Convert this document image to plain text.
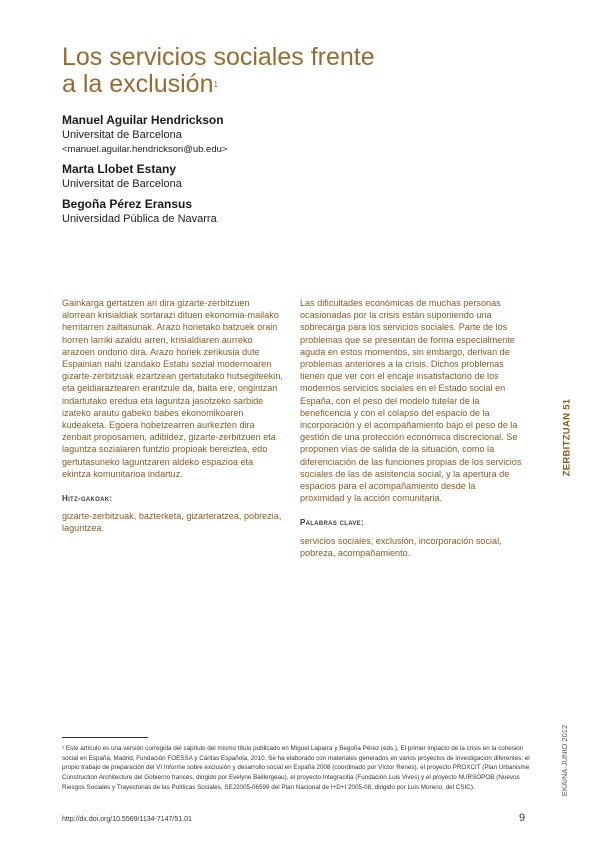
Los servicios sociales frente
a la exclusión$^1$
Manuel Aguilar Hendrickson
Universitat de Barcelona
<manuel.aguilar.hendrickson@ub.edu>
Marta Llobet Estany
Universitat de Barcelona
Begoña Pérez Eransus
Universidad Pública de Navarra

Gainkarga gertatzen ari dira gizarte-zerbitzuen alorrean krisialdiak sortarazi dituen ekonomia-mailako herritarren zailtasunak. Arazo horietako batzuek orain horren larriki azaldu arren, krisialdiaren aurreko arazoen ondorio dira. Arazo horiek zerikusia dute Espainian nahi izandako Estatu sozial modernoaren gizarte-zerbitzuak ezartzean gertatutako hutsegiteekin, eta geldiaraztearen erantzule da, baita ere, ongintzan indartutako eredua eta laguntza jasotzeko sarbide izateko arautu gabeko babes ekonomikoaren kudeaketa. Egoera hobetzearren aurkezten dira zenbait proposamen, adibidez, gizarte-zerbitzuen eta laguntza sozialaren funtzio propioak bereiztea, edo gertutasuneko laguntzaren aldeko espazioa eta ekintza komunitarioa indartuz.

Hitz-gakoak:
gizarte-zerbitzuak, bazterketa, gizarteratzea, pobrezia, laguntzea.

Las dificultades económicas de muchas personas ocasionadas por la crisis están suponiendo una sobrecarga para los servicios sociales. Parte de los problemas que se presentan de forma especialmente aguda en estos momentos, sin embargo, derivan de problemas anteriores a la crisis. Dichos problemas tienen que ver con el encaje insatisfactorio de los modernos servicios sociales en el Estado social en España, con el peso del modelo tutelar de la beneficencia y con el colapso del espacio de la incorporación y el acompañamiento bajo el peso de la gestión de una protección económica discrecional. Se proponen vías de salida de la situación, como la diferenciación de las funciones propias de los servicios sociales de las de asistencia social, y la apertura de espacios para el acompañamiento desde la proximidad y la acción comunitaria.

Palabras clave:
servicios sociales, exclusión, incorporación social, pobreza, acompañamiento.
ZERBITZUAN 51
EKAINA·JUNIO 2012
¹ Este artículo es una versión corregida del capítulo del mismo título publicado en Miguel Laparra y Begoña Pérez (eds.), El primer impacto de la crisis en la cohesión social en España, Madrid, Fundación FOESSA y Cáritas Española, 2010. Se ha elaborado con materiales generados en varios proyectos de investigación diferentes: el propio trabajo de preparación del VI Informe sobre exclusión y desarrollo social en España 2008 (coordinado por Víctor Renes), el proyecto PROXCIT (Plan Urbanisme Construction Architecture del Gobierno francés, dirigido por Evelyne Baillergeau), el proyecto Integracitia (Fundación Luis Vives) y el proyecto NURSOPOB (Nuevos Riesgos Sociales y Trayectorias de las Políticas Sociales, SEJ2005-06599 del Plan Nacional de I+D+I 2005-08, dirigido por Luis Moreno, del CSIC).
http://dx.doi.org/10.5569/1134-7147/51.01	9
